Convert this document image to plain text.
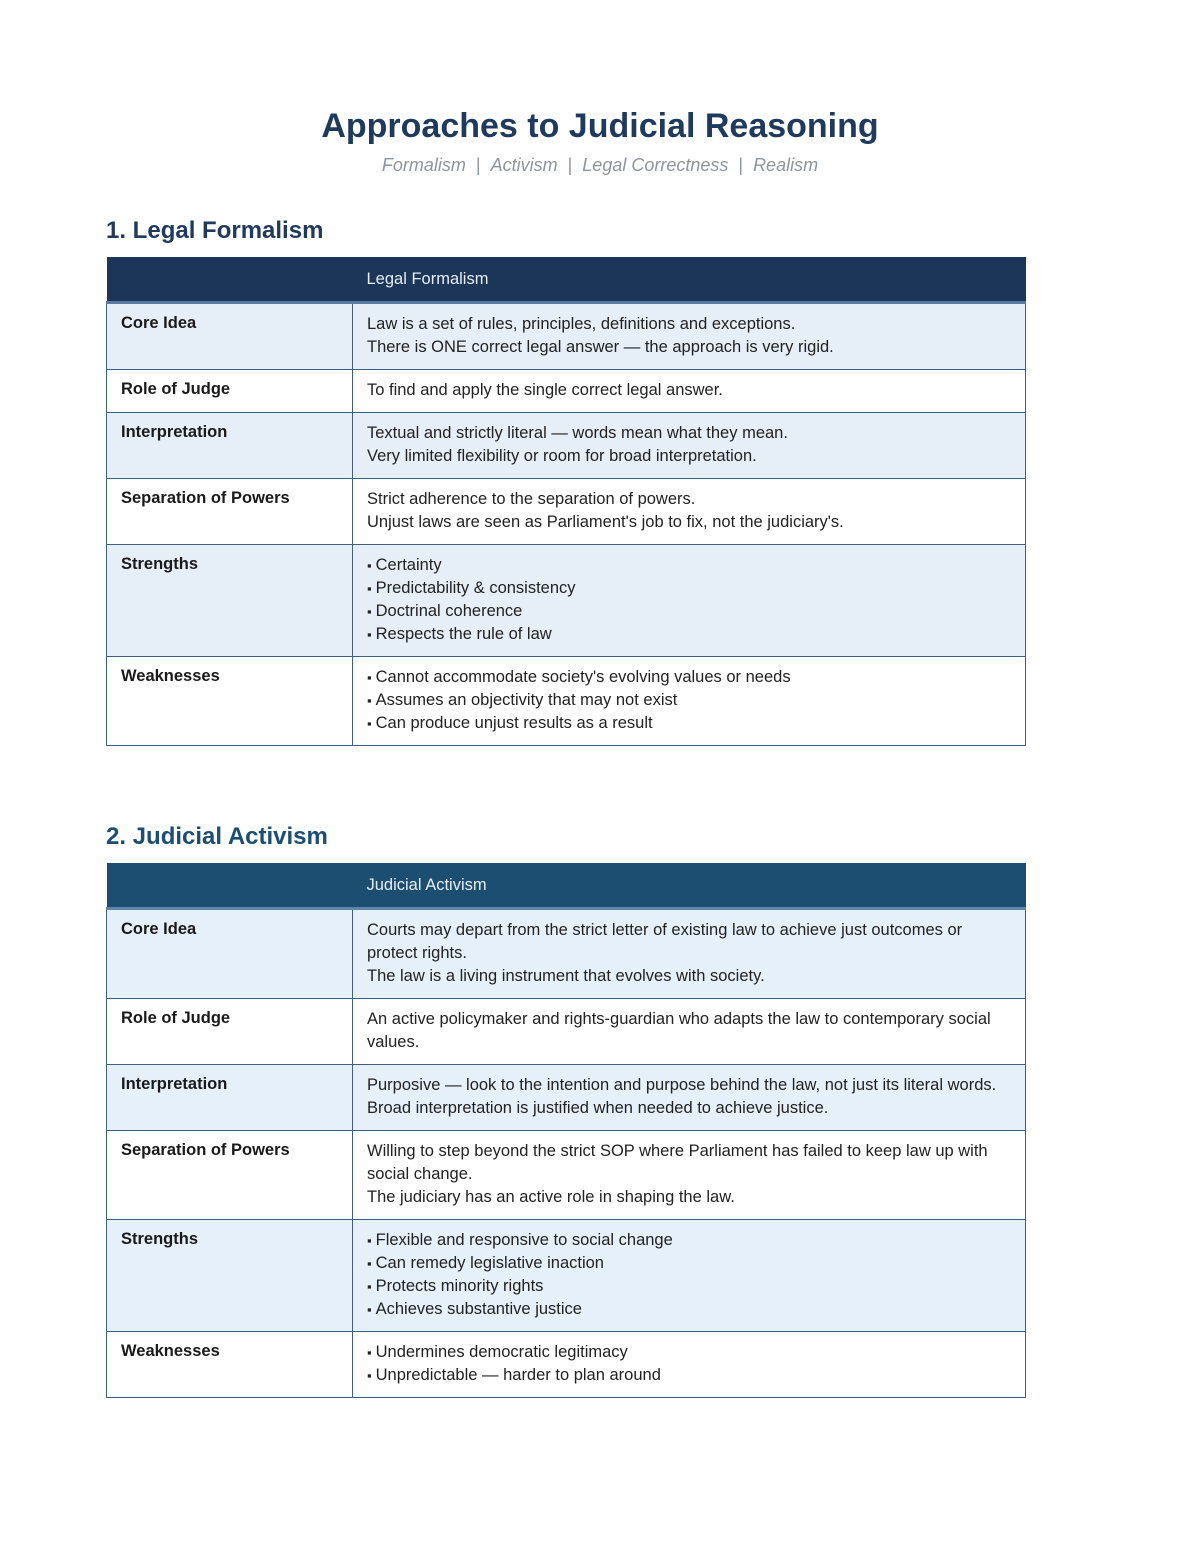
Approaches to Judicial Reasoning
Formalism | Activism | Legal Correctness | Realism
1. Legal Formalism
	Legal Formalism
Core Idea	Law is a set of rules, principles, definitions and exceptions.
There is ONE correct legal answer — the approach is very rigid.

Role of Judge	To find and apply the single correct legal answer.

Interpretation	Textual and strictly literal — words mean what they mean.
Very limited flexibility or room for broad interpretation.

Separation of Powers	Strict adherence to the separation of powers.
Unjust laws are seen as Parliament's job to fix, not the judiciary's.

Strengths	▪ Certainty
▪ Predictability & consistency
▪ Doctrinal coherence
▪ Respects the rule of law

Weaknesses	▪ Cannot accommodate society's evolving values or needs
▪ Assumes an objectivity that may not exist
▪ Can produce unjust results as a result
2. Judicial Activism
	Judicial Activism
Core Idea	Courts may depart from the strict letter of existing law to achieve just outcomes or protect rights.
The law is a living instrument that evolves with society.

Role of Judge	An active policymaker and rights-guardian who adapts the law to contemporary social values.

Interpretation	Purposive — look to the intention and purpose behind the law, not just its literal words.
Broad interpretation is justified when needed to achieve justice.

Separation of Powers	Willing to step beyond the strict SOP where Parliament has failed to keep law up with social change.
The judiciary has an active role in shaping the law.

Strengths	▪ Flexible and responsive to social change
▪ Can remedy legislative inaction
▪ Protects minority rights
▪ Achieves substantive justice

Weaknesses	▪ Undermines democratic legitimacy
▪ Unpredictable — harder to plan around
